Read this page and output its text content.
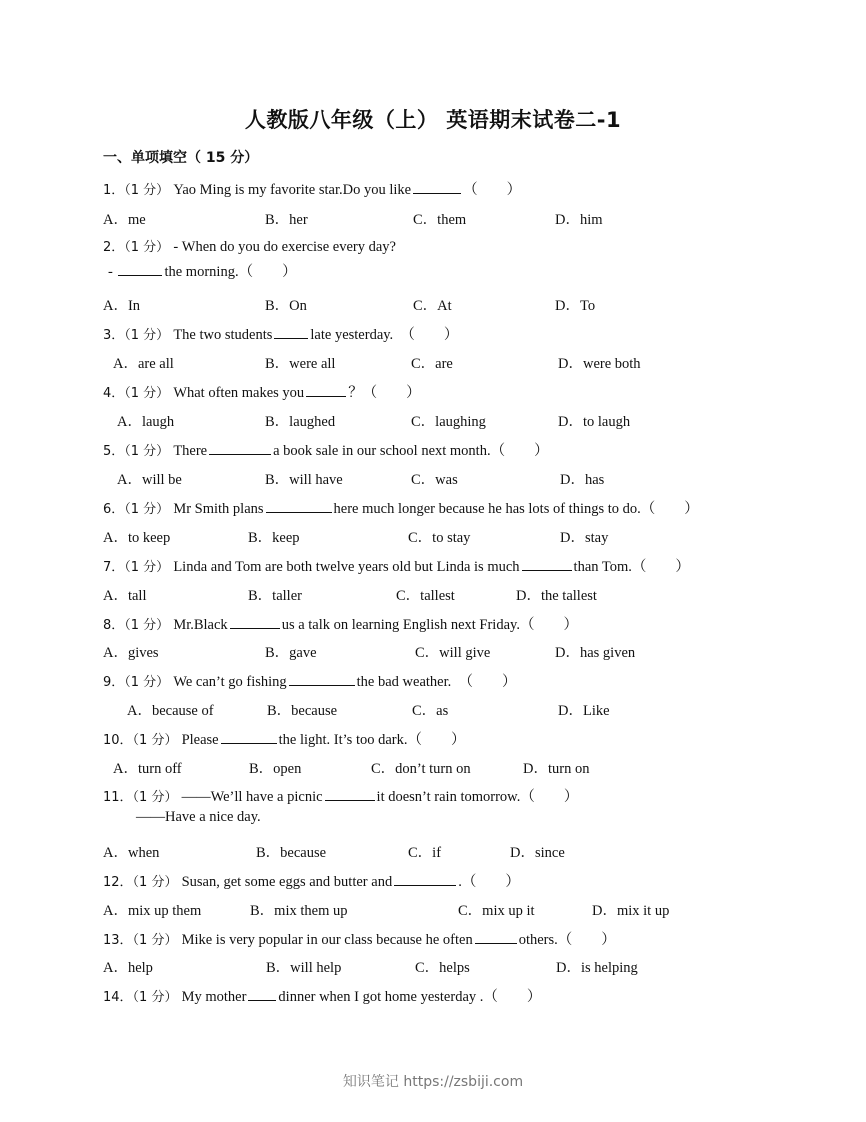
人教版八年级（上） 英语期末试卷二-1
一、单项填空（ 15 分）
1．（1 分） Yao Ming is my favorite star.Do you like	（　　）
A．me	B．her	C．them	D．him
2．（1 分） - When do you do exercise every day?
-	the morning.（　　）
A．In	B．On	C．At	D．To
3．（1 分） The two students	late yesterday.　（　　）
A．are all	B．were all	C．are	D．were both
4．（1 分） What often makes you	？（　　）
A．laugh	B．laughed	C．laughing	D．to laugh
5．（1 分） There	a book sale in our school next month.（　　）
A．will be	B．will have	C．was	D．has
6．（1 分） Mr Smith plans	here much longer because he has lots of things to do.（　　）
A．to keep	B．keep	C．to stay	D．stay
7．（1 分） Linda and Tom are both twelve years old but Linda is much	than Tom.（　　）
A．tall	B．taller	C．tallest	D．the tallest
8．（1 分） Mr.Black	us a talk on learning English next Friday.（　　）
A．gives	B．gave	C．will give	D．has given
9．（1 分） We can’t go fishing	the bad weather.　（　　）
A．because of	B．because	C．as	D．Like
10．（1 分） Please	the light. It’s too dark.（　　）
A．turn off	B．open	C．don’t turn on	D．turn on
11．（1 分） ——We’ll have a picnic	it doesn’t rain tomorrow.（　　）
——Have a nice day.
A．when	B．because	C．if	D．since
12．（1 分） Susan, get some eggs and butter and	.（　　）
A．mix up them	B．mix them up	C．mix up it	D．mix it up
13．（1 分） Mike is very popular in our class because he often	others.（　　）
A．help	B．will help	C．helps	D．is helping
14．（1 分） My mother dinner when I got home yesterday .（　　）
知识笔记 https://zsbiji.com
